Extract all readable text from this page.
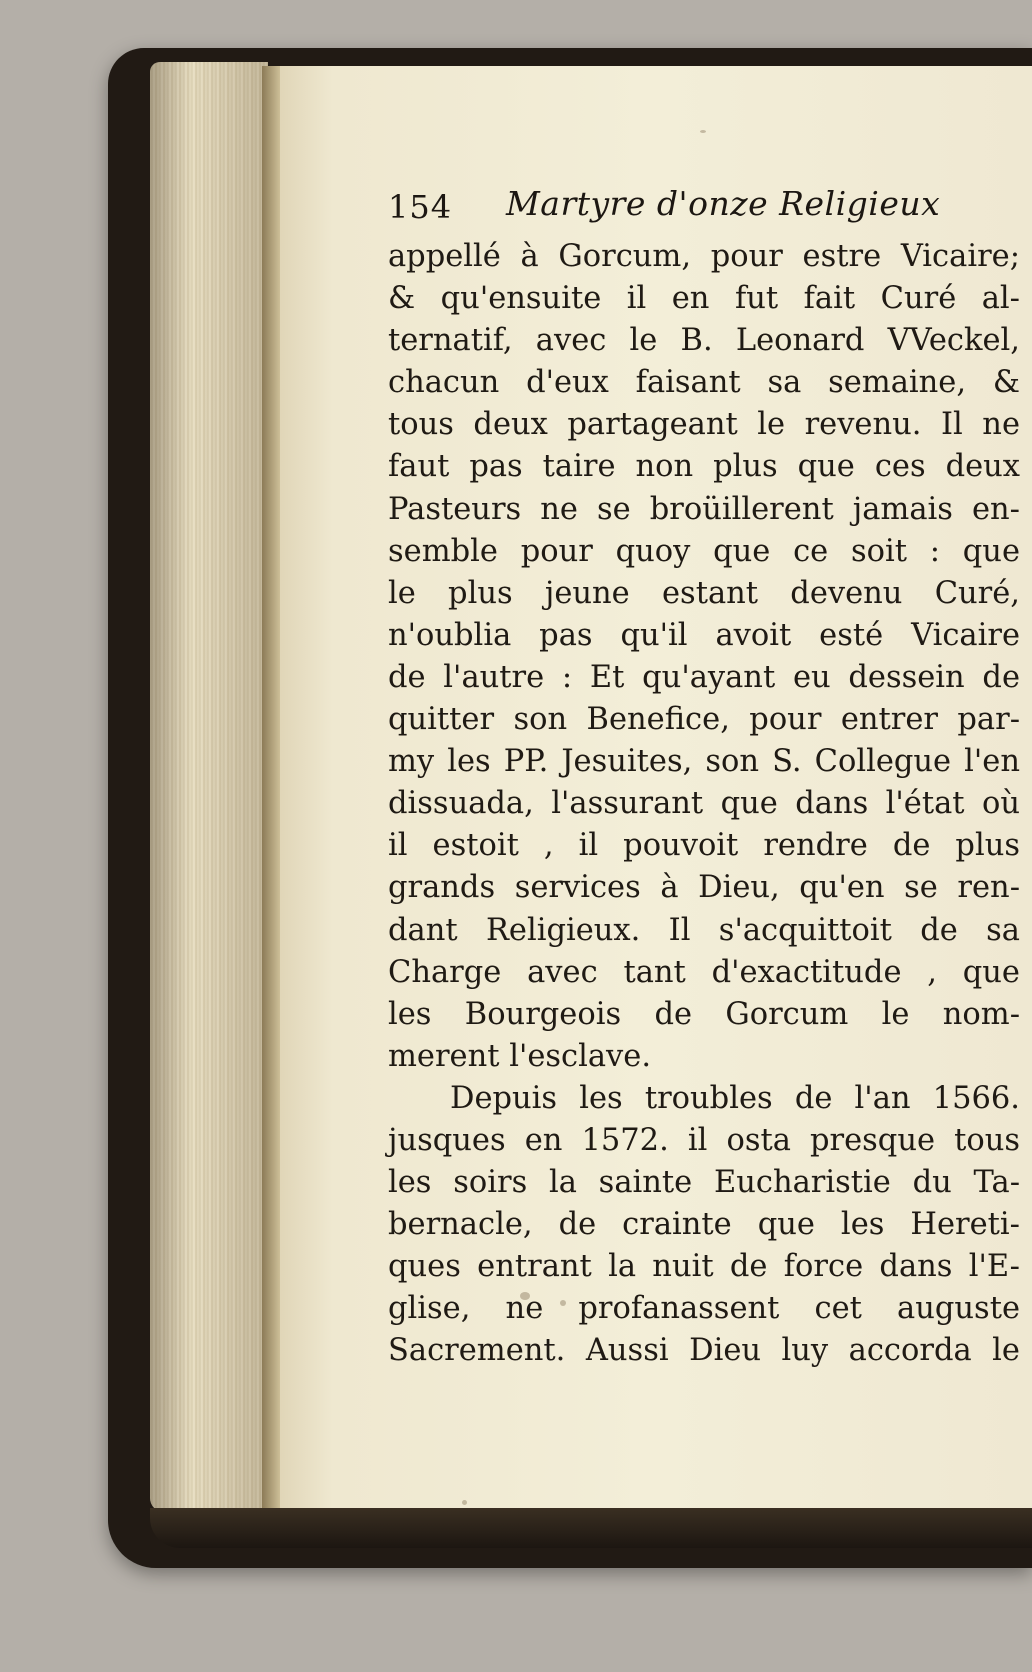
154 Martyre d'onze Religieux
appellé à Gorcum, pour estre Vicaire;
& qu'ensuite il en fut fait Curé al-
ternatif, avec le B. Leonard VVeckel,
chacun d'eux faisant sa semaine, &
tous deux partageant le revenu. Il ne
faut pas taire non plus que ces deux
Pasteurs ne se broüillerent jamais en-
semble pour quoy que ce soit : que
le plus jeune estant devenu Curé,
n'oublia pas qu'il avoit esté Vicaire
de l'autre : Et qu'ayant eu dessein de
quitter son Benefice, pour entrer par-
my les PP. Jesuites, son S. Collegue l'en
dissuada, l'assurant que dans l'état où
il estoit , il pouvoit rendre de plus
grands services à Dieu, qu'en se ren-
dant Religieux. Il s'acquittoit de sa
Charge avec tant d'exactitude , que
les Bourgeois de Gorcum le nom-
merent l'esclave.
Depuis les troubles de l'an 1566.
jusques en 1572. il osta presque tous
les soirs la sainte Eucharistie du Ta-
bernacle, de crainte que les Hereti-
ques entrant la nuit de force dans l'E-
glise, ne profanassent cet auguste
Sacrement. Aussi Dieu luy accorda le
